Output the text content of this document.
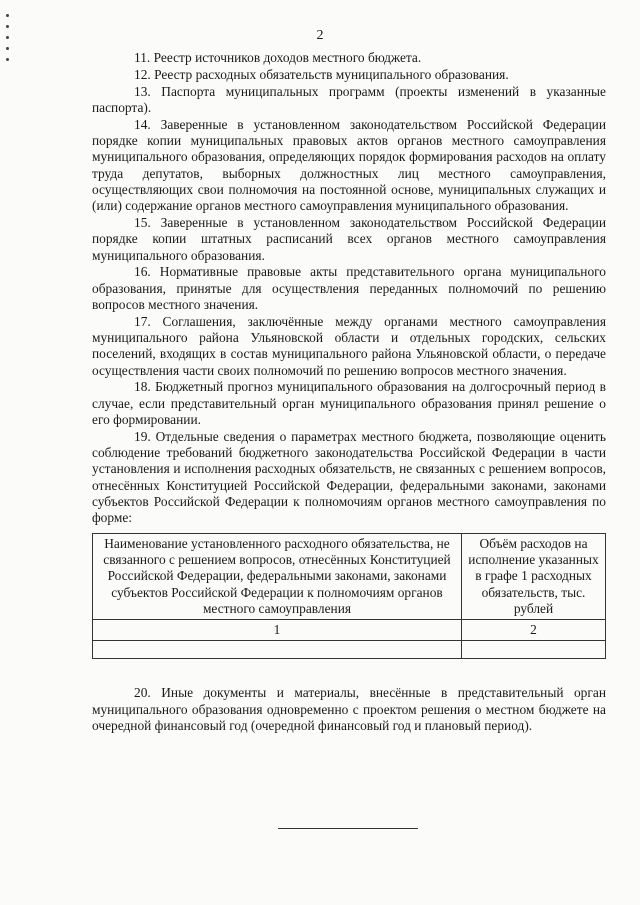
2

11. Реестр источников доходов местного бюджета.

12. Реестр расходных обязательств муниципального образования.

13. Паспорта муниципальных программ (проекты изменений в указанные паспорта).

14. Заверенные в установленном законодательством Российской Федерации порядке копии муниципальных правовых актов органов местного самоуправления муниципального образования, определяющих порядок формирования расходов на оплату труда депутатов, выборных должностных лиц местного самоуправления, осуществляющих свои полномочия на постоянной основе, муниципальных служащих и (или) содержание органов местного самоуправления муниципального образования.

15. Заверенные в установленном законодательством Российской Федерации порядке копии штатных расписаний всех органов местного самоуправления муниципального образования.

16. Нормативные правовые акты представительного органа муниципального образования, принятые для осуществления переданных полномочий по решению вопросов местного значения.

17. Соглашения, заключённые между органами местного самоуправления муниципального района Ульяновской области и отдельных городских, сельских поселений, входящих в состав муниципального района Ульяновской области, о передаче осуществления части своих полномочий по решению вопросов местного значения.

18. Бюджетный прогноз муниципального образования на долгосрочный период в случае, если представительный орган муниципального образования принял решение о его формировании.

19. Отдельные сведения о параметрах местного бюджета, позволяющие оценить соблюдение требований бюджетного законодательства Российской Федерации в части установления и исполнения расходных обязательств, не связанных с решением вопросов, отнесённых Конституцией Российской Федерации, федеральными законами, законами субъектов Российской Федерации к полномочиям органов местного самоуправления по форме:

Наименование установленного расходного обязательства, не связанного с решением вопросов, отнесённых Конституцией Российской Федерации, федеральными законами, законами субъектов Российской Федерации к полномочиям органов местного самоуправления	Объём расходов на исполнение указанных в графе 1 расходных обязательств, тыс. рублей
1	2

20. Иные документы и материалы, внесённые в представительный орган муниципального образования одновременно с проектом решения о местном бюджете на очередной финансовый год (очередной финансовый год и плановый период).
